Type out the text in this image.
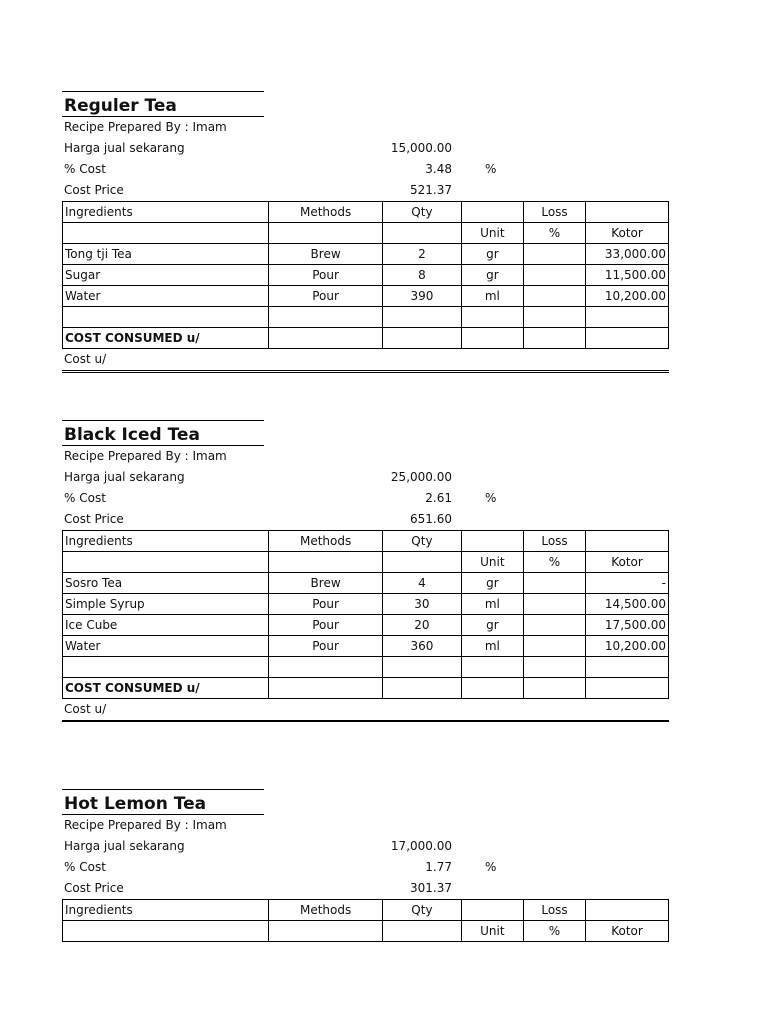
Reguler Tea
Recipe Prepared By : Imam
Harga jual sekarang	15,000.00
% Cost	3.48	%
Cost Price	521.37
Ingredients	Methods	Qty		Loss	
			Unit	%	Kotor
Tong tji Tea	Brew	2	gr		33,000.00
Sugar	Pour	8	gr		11,500.00
Water	Pour	390	ml		10,200.00

COST CONSUMED u/					
Cost u/
Black Iced Tea
Recipe Prepared By : Imam
Harga jual sekarang	25,000.00
% Cost	2.61	%
Cost Price	651.60
Ingredients	Methods	Qty		Loss	
			Unit	%	Kotor
Sosro Tea	Brew	4	gr		-
Simple Syrup	Pour	30	ml		14,500.00
Ice Cube	Pour	20	gr		17,500.00
Water	Pour	360	ml		10,200.00

COST CONSUMED u/					
Cost u/
Hot Lemon Tea
Recipe Prepared By : Imam
Harga jual sekarang	17,000.00
% Cost	1.77	%
Cost Price	301.37
Ingredients	Methods	Qty		Loss	
			Unit	%	Kotor
